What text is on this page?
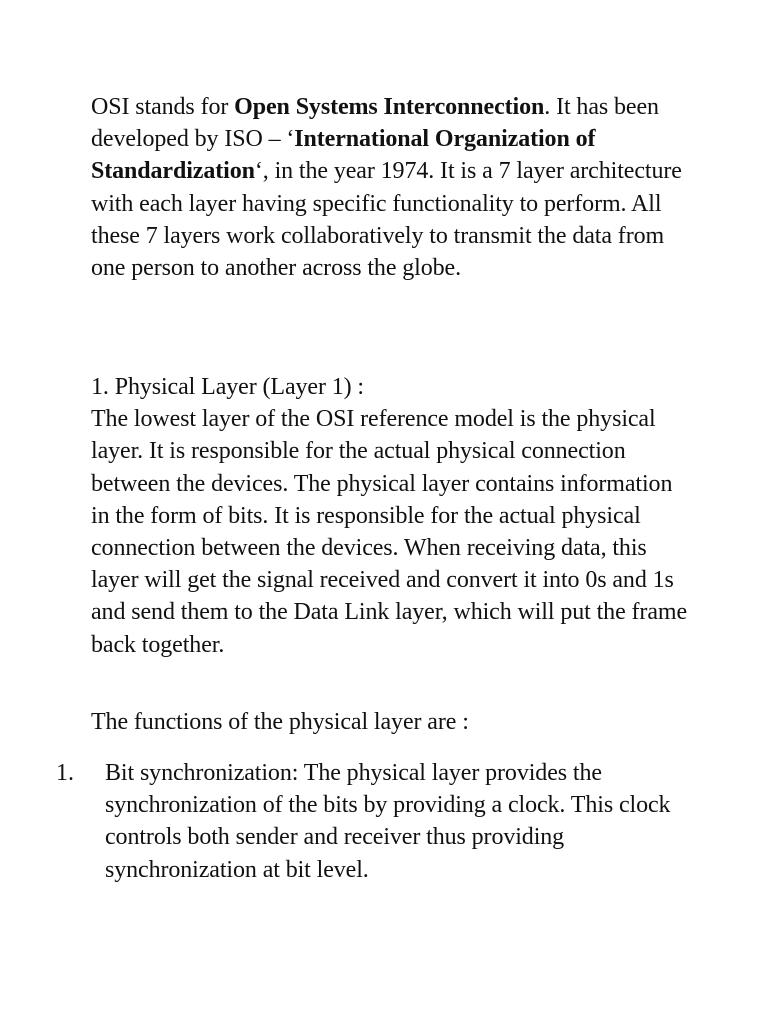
OSI stands for Open Systems Interconnection. It has been developed by ISO – ‘International Organization of Standardization‘, in the year 1974. It is a 7 layer architecture with each layer having specific functionality to perform. All these 7 layers work collaboratively to transmit the data from one person to another across the globe.

1. Physical Layer (Layer 1) :
The lowest layer of the OSI reference model is the physical layer. It is responsible for the actual physical connection between the devices. The physical layer contains information in the form of bits. It is responsible for the actual physical connection between the devices. When receiving data, this layer will get the signal received and convert it into 0s and 1s and send them to the Data Link layer, which will put the frame back together.

The functions of the physical layer are :

1. Bit synchronization: The physical layer provides the synchronization of the bits by providing a clock. This clock controls both sender and receiver thus providing synchronization at bit level.
